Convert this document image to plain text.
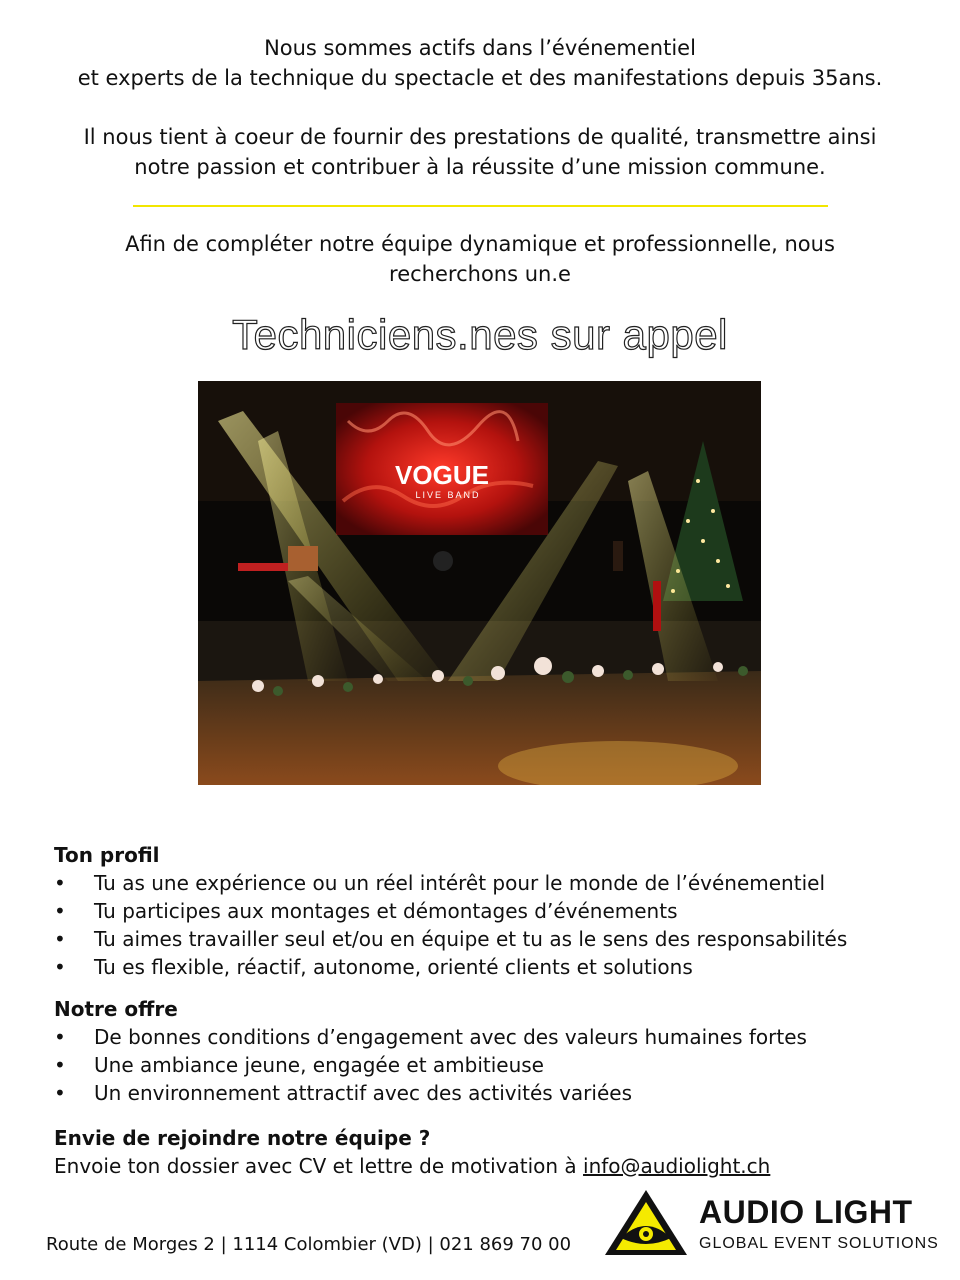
Nous sommes actifs dans l’événementiel
et experts de la technique du spectacle et des manifestations depuis 35ans.
Il nous tient à coeur de fournir des prestations de qualité, transmettre ainsi
notre passion et contribuer à la réussite d’une mission commune.
Afin de compléter notre équipe dynamique et professionnelle, nous
recherchons un.e
Techniciens.nes sur appel
VOGUE
LIVE BAND
Ton profil
• Tu as une expérience ou un réel intérêt pour le monde de l’événementiel
• Tu participes aux montages et démontages d’événements
• Tu aimes travailler seul et/ou en équipe et tu as le sens des responsabilités
• Tu es flexible, réactif, autonome, orienté clients et solutions
Notre offre
• De bonnes conditions d’engagement avec des valeurs humaines fortes
• Une ambiance jeune, engagée et ambitieuse
• Un environnement attractif avec des activités variées
Envie de rejoindre notre équipe ?
Envoie ton dossier avec CV et lettre de motivation à info@audiolight.ch
Route de Morges 2 | 1114 Colombier (VD) | 021 869 70 00
AUDIO LIGHT
GLOBAL EVENT SOLUTIONS
